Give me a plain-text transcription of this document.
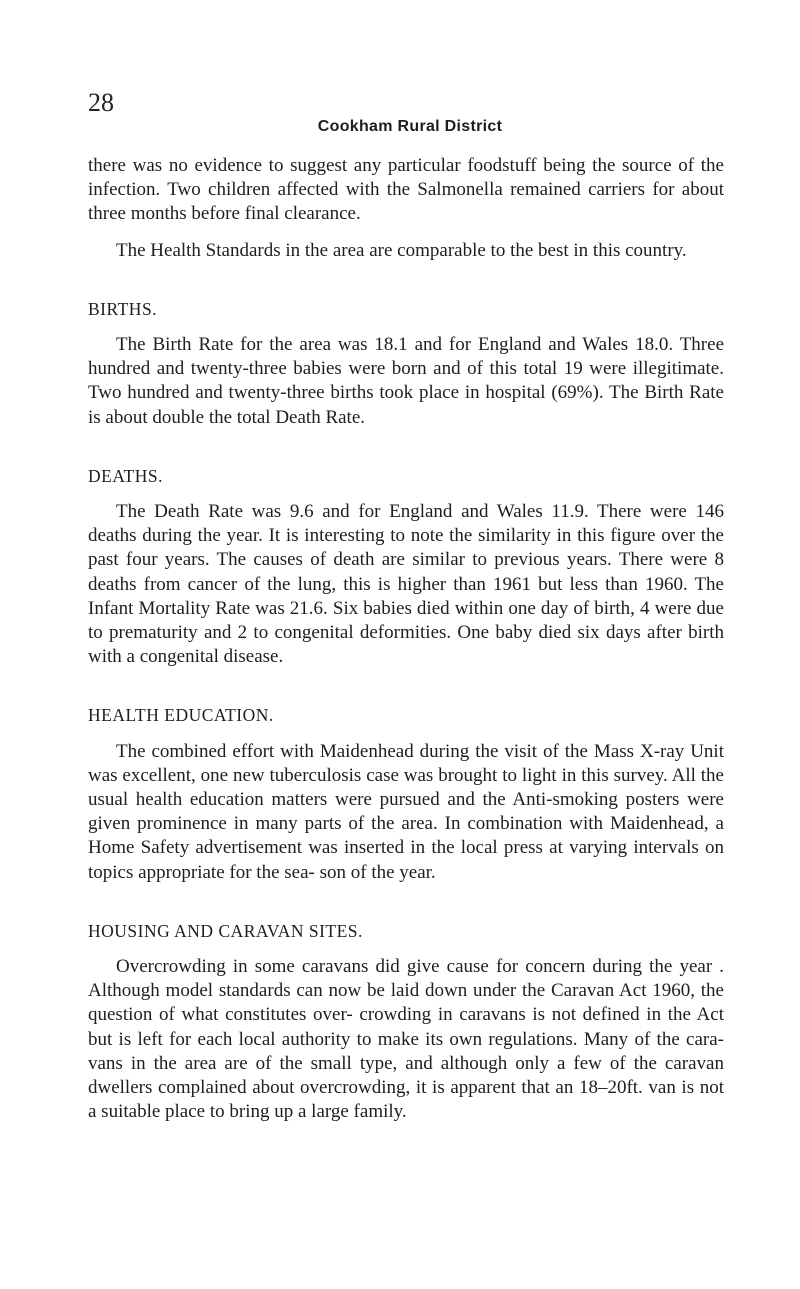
28
Cookham Rural District

there was no evidence to suggest any particular foodstuff being the source of the infection. Two children affected with the Salmonella remained carriers for about three months before final clearance.

The Health Standards in the area are comparable to the best in this country.

BIRTHS.

The Birth Rate for the area was 18.1 and for England and Wales 18.0. Three hundred and twenty-three babies were born and of this total 19 were illegitimate. Two hundred and twenty-three births took place in hospital (69%). The Birth Rate is about double the total Death Rate.

DEATHS.

The Death Rate was 9.6 and for England and Wales 11.9. There were 146 deaths during the year. It is interesting to note the similarity in this figure over the past four years. The causes of death are similar to previous years. There were 8 deaths from cancer of the lung, this is higher than 1961 but less than 1960. The Infant Mortality Rate was 21.6. Six babies died within one day of birth, 4 were due to prematurity and 2 to congenital deformities. One baby died six days after birth with a congenital disease.

HEALTH EDUCATION.

The combined effort with Maidenhead during the visit of the Mass X-ray Unit was excellent, one new tuberculosis case was brought to light in this survey. All the usual health education matters were pursued and the Anti-smoking posters were given prominence in many parts of the area. In combination with Maidenhead, a Home Safety advertisement was inserted in the local press at varying intervals on topics appropriate for the sea- son of the year.

HOUSING AND CARAVAN SITES.

Overcrowding in some caravans did give cause for concern during the year . Although model standards can now be laid down under the Caravan Act 1960, the question of what constitutes over- crowding in caravans is not defined in the Act but is left for each local authority to make its own regulations. Many of the cara- vans in the area are of the small type, and although only a few of the caravan dwellers complained about overcrowding, it is apparent that an 18–20ft. van is not a suitable place to bring up a large family.
